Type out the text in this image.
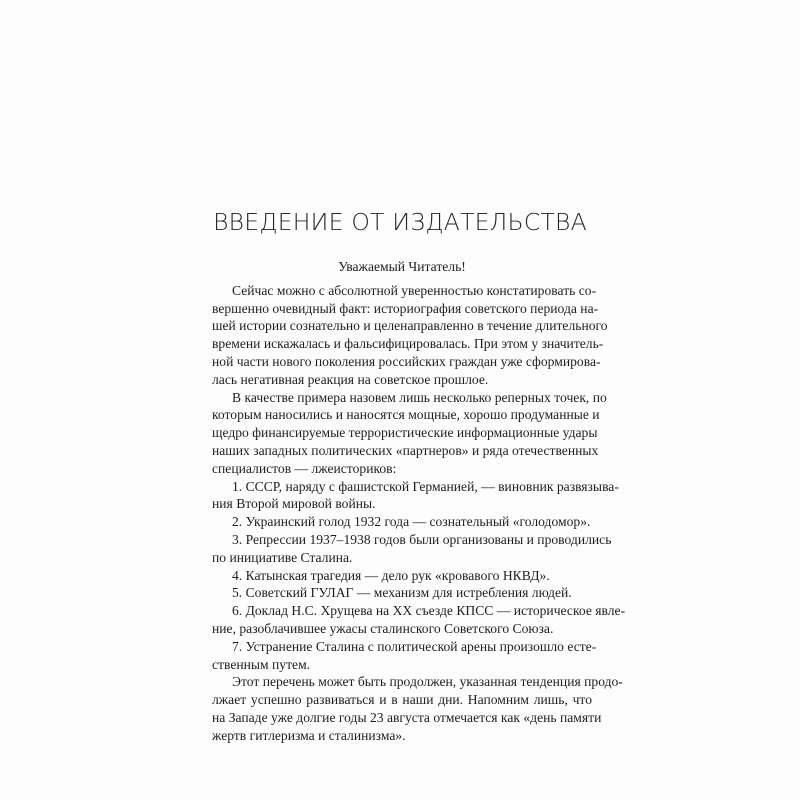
ВВЕДЕНИЕ ОТ ИЗДАТЕЛЬСТВА

Уважаемый Читатель!

Сейчас можно с абсолютной уверенностью констатировать со-
вершенно очевидный факт: историография советского периода на-
шей истории сознательно и целенаправленно в течение длительного
времени искажалась и фальсифицировалась. При этом у значитель-
ной части нового поколения российских граждан уже сформирова-
лась негативная реакция на советское прошлое.
В качестве примера назовем лишь несколько реперных точек, по
которым наносились и наносятся мощные, хорошо продуманные и
щедро финансируемые террористические информационные удары
наших западных политических «партнеров» и ряда отечественных
специалистов — лжеисториков:
1. СССР, наряду с фашистской Германией, — виновник развязыва-
ния Второй мировой войны.
2. Украинский голод 1932 года — сознательный «голодомор».
3. Репрессии 1937–1938 годов были организованы и проводились
по инициативе Сталина.
4. Катынская трагедия — дело рук «кровавого НКВД».
5. Советский ГУЛАГ — механизм для истребления людей.
6. Доклад Н.С. Хрущева на XX съезде КПСС — историческое явле-
ние, разоблачившее ужасы сталинского Советского Союза.
7. Устранение Сталина с политической арены произошло есте-
ственным путем.
Этот перечень может быть продолжен, указанная тенденция продо-
лжает успешно развиваться и в наши дни. Напомним лишь, что
на Западе уже долгие годы 23 августа отмечается как «день памяти
жертв гитлеризма и сталинизма».
